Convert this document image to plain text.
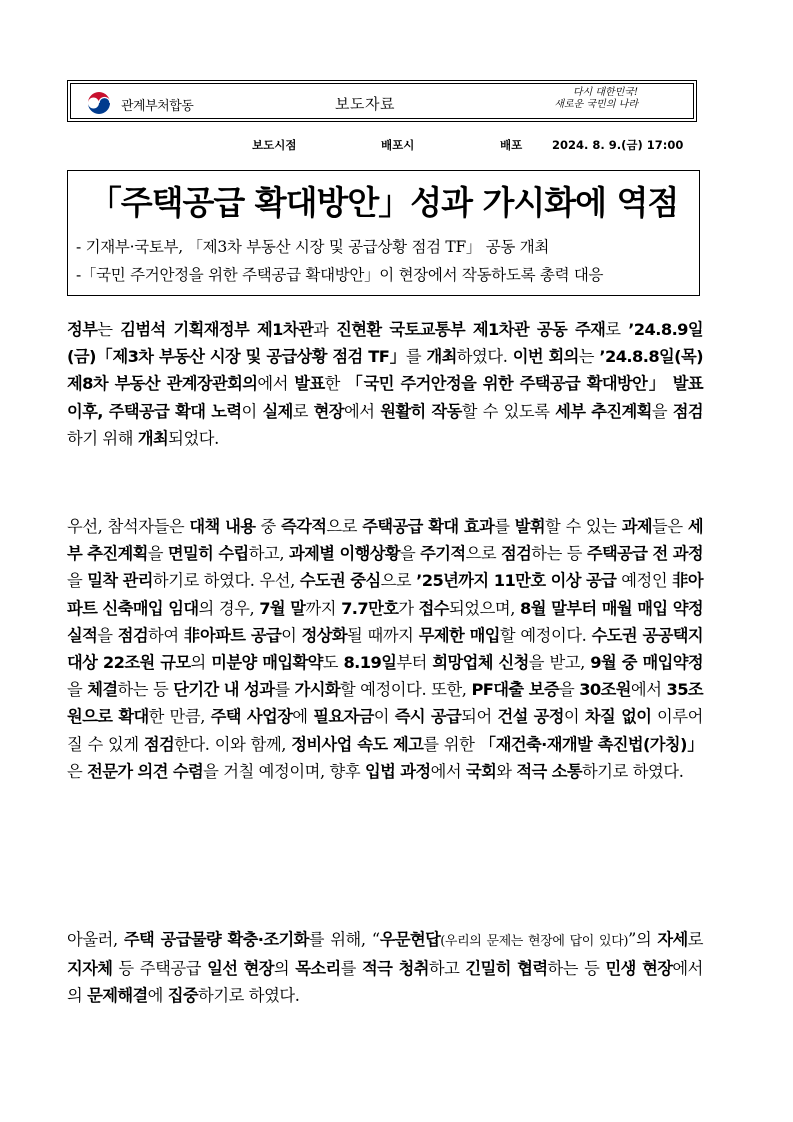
관계부처합동	보도자료
다시 대한민국!
새로운 국민의 나라
보도시점	배포시	배포	2024. 8. 9.(금) 17:00
「주택공급 확대방안」성과 가시화에 역점
- 기재부·국토부, 「제3차 부동산 시장 및 공급상황 점검 TF」 공동 개최
-「국민 주거안정을 위한 주택공급 확대방안」이 현장에서 작동하도록 총력 대응
정부는 김범석 기획재정부 제1차관과 진현환 국토교통부 제1차관 공동 주재로 ’24.8.9일(금)「제3차 부동산 시장 및 공급상황 점검 TF」를 개최하였다. 이번 회의는 ’24.8.8일(목) 제8차 부동산 관계장관회의에서 발표한 「국민 주거안정을 위한 주택공급 확대방안」 발표 이후, 주택공급 확대 노력이 실제로 현장에서 원활히 작동할 수 있도록 세부 추진계획을 점검하기 위해 개최되었다.
우선, 참석자들은 대책 내용 중 즉각적으로 주택공급 확대 효과를 발휘할 수 있는 과제들은 세부 추진계획을 면밀히 수립하고, 과제별 이행상황을 주기적으로 점검하는 등 주택공급 전 과정을 밀착 관리하기로 하였다. 우선, 수도권 중심으로 ’25년까지 11만호 이상 공급 예정인 非아파트 신축매입 임대의 경우, 7월 말까지 7.7만호가 접수되었으며, 8월 말부터 매월 매입 약정 실적을 점검하여 非아파트 공급이 정상화될 때까지 무제한 매입할 예정이다. 수도권 공공택지 대상 22조원 규모의 미분양 매입확약도 8.19일부터 희망업체 신청을 받고, 9월 중 매입약정을 체결하는 등 단기간 내 성과를 가시화할 예정이다. 또한, PF대출 보증을 30조원에서 35조원으로 확대한 만큼, 주택 사업장에 필요자금이 즉시 공급되어 건설 공정이 차질 없이 이루어질 수 있게 점검한다. 이와 함께, 정비사업 속도 제고를 위한 「재건축·재개발 촉진법(가칭)」은 전문가 의견 수렴을 거칠 예정이며, 향후 입법 과정에서 국회와 적극 소통하기로 하였다.
아울러, 주택 공급물량 확충·조기화를 위해, “우문현답(우리의 문제는 현장에 답이 있다)”의 자세로 지자체 등 주택공급 일선 현장의 목소리를 적극 청취하고 긴밀히 협력하는 등 민생 현장에서의 문제해결에 집중하기로 하였다.
